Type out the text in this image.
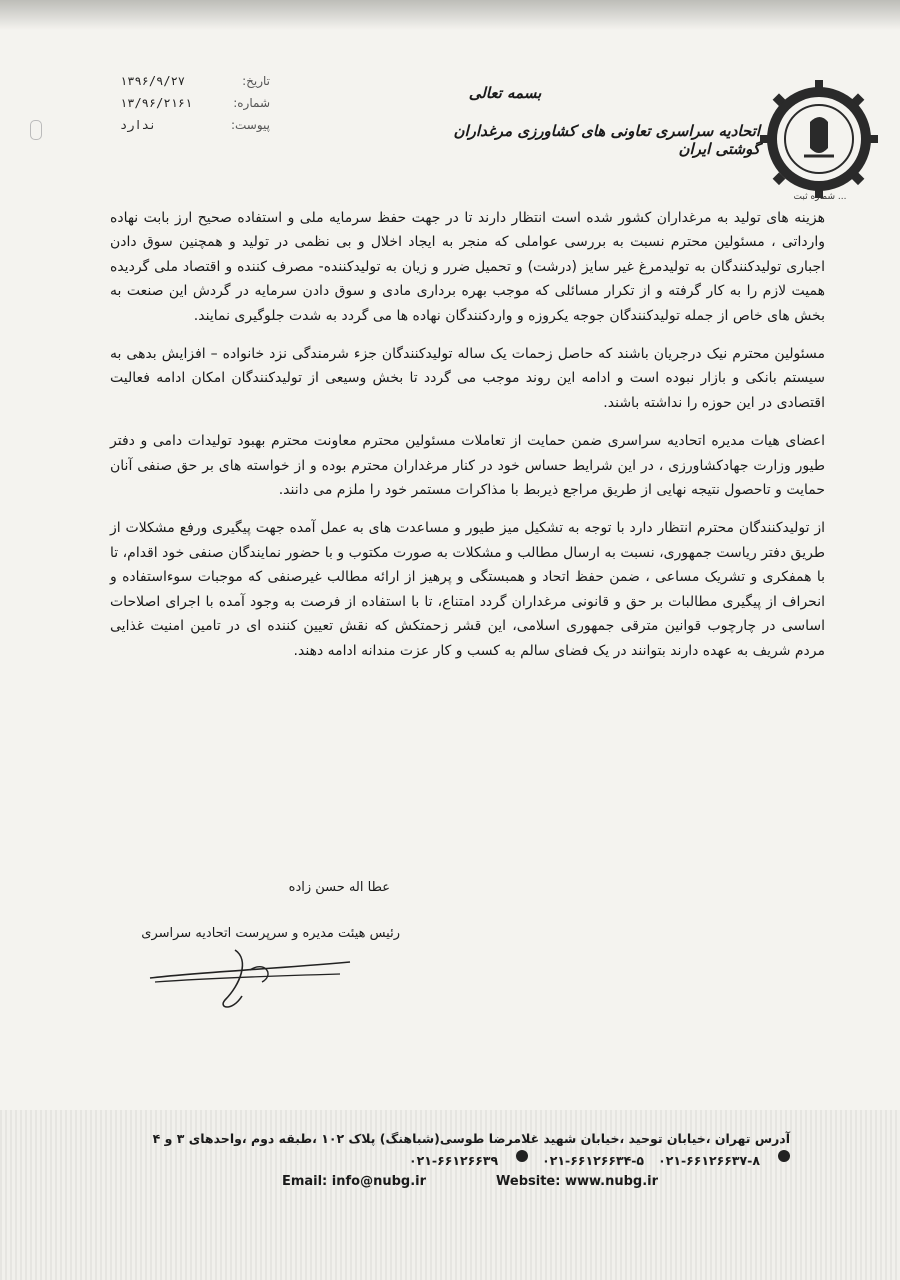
تاریخ:
۱۳۹۶/۹/۲۷
شماره:
۱۳/۹۶/۲۱۶۱
پیوست:
ندارد
بسمه تعالی
اتحادیه سراسری تعاونی های کشاورزی مرغداران گوشتی ایران
شماره ثبت ...

هزینه های تولید به مرغداران کشور شده است انتظار دارند تا در جهت حفظ سرمایه ملی و استفاده صحیح ارز بابت نهاده وارداتی ، مسئولین محترم نسبت به بررسی عواملی که منجر به ایجاد اخلال و بی نظمی در تولید و همچنین سوق دادن اجباری تولیدکنندگان به تولیدمرغ غیر سایز (درشت) و تحمیل ضرر و زیان به تولیدکننده- مصرف کننده و اقتصاد ملی گردیده همیت لازم را به کار گرفته و از تکرار مسائلی که موجب بهره برداری مادی و سوق دادن سرمایه در گردش این صنعت به بخش های خاص از جمله تولیدکنندگان جوجه یکروزه و واردکنندگان نهاده ها می گردد به شدت جلوگیری نمایند.

مسئولین محترم نیک درجریان باشند که حاصل زحمات یک ساله تولیدکنندگان جزء شرمندگی نزد خانواده – افزایش بدهی به سیستم بانکی و بازار نبوده است و ادامه این روند موجب می گردد تا بخش وسیعی از تولیدکنندگان امکان ادامه فعالیت اقتصادی در این حوزه را نداشته باشند.

اعضای هیات مدیره اتحادیه سراسری ضمن حمایت از تعاملات مسئولین محترم معاونت محترم بهبود تولیدات دامی و دفتر طیور وزارت جهادکشاورزی ، در این شرایط حساس خود در کنار مرغداران محترم بوده و از خواسته های بر حق صنفی آنان حمایت و تاحصول نتیجه نهایی از طریق مراجع ذیربط با مذاکرات مستمر خود را ملزم می دانند.

از تولیدکنندگان محترم انتظار دارد با توجه به تشکیل میز طیور و مساعدت های به عمل آمده جهت پیگیری ورفع مشکلات از طریق دفتر ریاست جمهوری، نسبت به ارسال مطالب و مشکلات به صورت مکتوب و با حضور نمایندگان صنفی خود اقدام، تا با همفکری و تشریک مساعی ، ضمن حفظ اتحاد و همبستگی و پرهیز از ارائه مطالب غیرصنفی که موجبات سوءاستفاده و انحراف از پیگیری مطالبات بر حق و قانونی مرغداران گردد امتناع، تا با استفاده از فرصت به وجود آمده با اجرای اصلاحات اساسی در چارچوب قوانین مترقی جمهوری اسلامی، این قشر زحمتکش که نقش تعیین کننده ای در تامین امنیت غذایی مردم شریف به عهده دارند بتوانند در یک فضای سالم به کسب و کار عزت مندانه ادامه دهند.

عطا اله حسن زاده
رئیس هیئت مدیره و سرپرست اتحادیه سراسری
آدرس تهران ،خیابان توحید ،خیابان شهید غلامرضا طوسی(شباهنگ) پلاک ۱۰۲ ،طبقه دوم ،واحدهای ۳ و ۴
۰۲۱-۶۶۱۲۶۶۳۷-۸
۰۲۱-۶۶۱۲۶۶۳۴-۵
۰۲۱-۶۶۱۲۶۶۳۹
Email: info@nubg.ir	Website: www.nubg.ir
